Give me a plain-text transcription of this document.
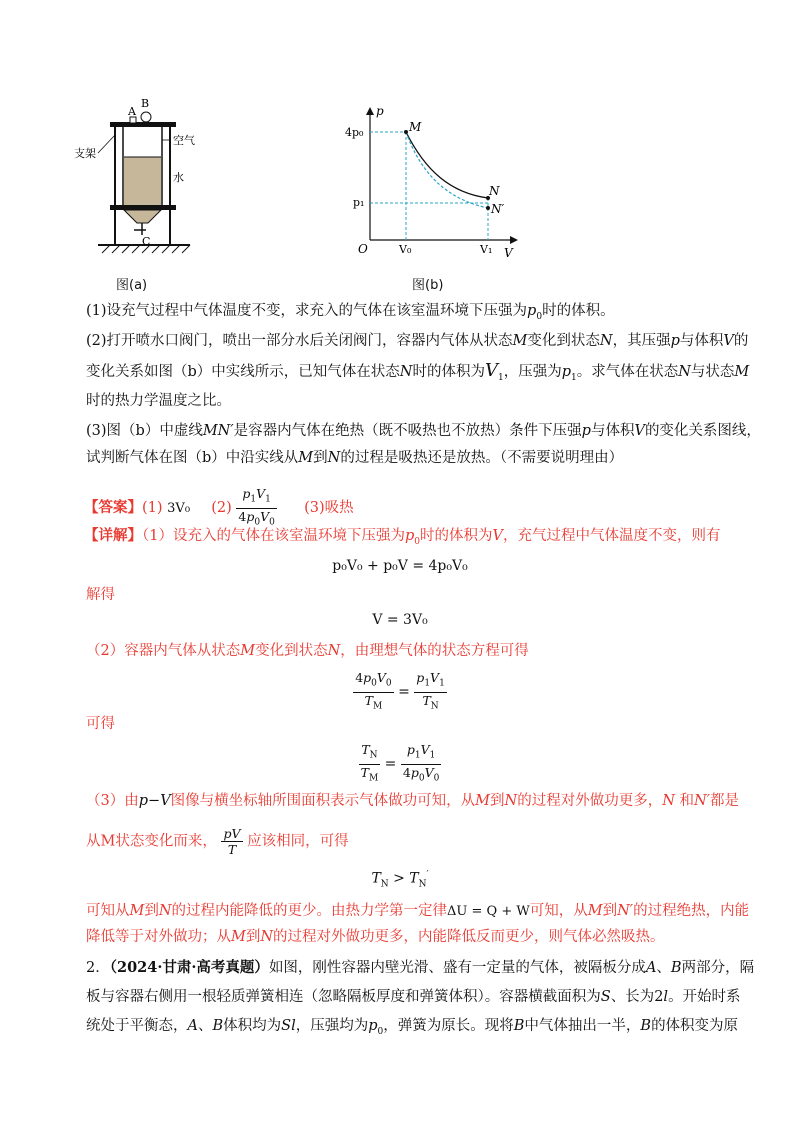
A
B
C
支架
空气
水
图(a)
p
V
O
4p₀
p₁
V₀	V₁
M
N
N′
图(b)
(1)设充气过程中气体温度不变，求充入的气体在该室温环境下压强为$p_0$时的体积。
(2)打开喷水口阀门，喷出一部分水后关闭阀门，容器内气体从状态M变化到状态N，其压强p与体积V的
变化关系如图（b）中实线所示，已知气体在状态N时的体积为$V_1$，压强为$p_1$。求气体在状态N与状态M
时的热力学温度之比。
(3)图（b）中虚线MN′是容器内气体在绝热（既不吸热也不放热）条件下压强p与体积V的变化关系图线，
试判断气体在图（b）中沿实线从M到N的过程是吸热还是放热。（不需要说明理由）
【答案】(1) 3V₀ $(2) \frac{p_1V_1}{4p_0V_0} (3)$吸热
【详解】（1）设充入的气体在该室温环境下压强为$p_0$时的体积为V，充气过程中气体温度不变，则有
p₀V₀ + p₀V = 4p₀V₀
解得
V = 3V₀
（2）容器内气体从状态M变化到状态N，由理想气体的状态方程可得
$\frac{4p_0V_0}{T_M} = \frac{p_1V_1}{T_N}$
可得
$\frac{T_N}{T_M} = \frac{p_1V_1}{4p_0V_0}$
（3）由p−V图像与横坐标轴所围面积表示气体做功可知，从M到N的过程对外做功更多，N 和N′都是
从M状态变化而来， $\frac{pV}{T}$ 应该相同，可得
$T_N > T_N'$
可知从M到N的过程内能降低的更少。由热力学第一定律ΔU = Q + W可知，从M到N′的过程绝热，内能
降低等于对外做功；从M到N的过程对外做功更多，内能降低反而更少，则气体必然吸热。
2．（2024·甘肃·高考真题）如图，刚性容器内壁光滑、盛有一定量的气体，被隔板分成A、B两部分，隔
板与容器右侧用一根轻质弹簧相连（忽略隔板厚度和弹簧体积）。容器横截面积为S、长为2l。开始时系
统处于平衡态，A、B体积均为Sl，压强均为$p_0$，弹簧为原长。现将B中气体抽出一半，B的体积变为原
